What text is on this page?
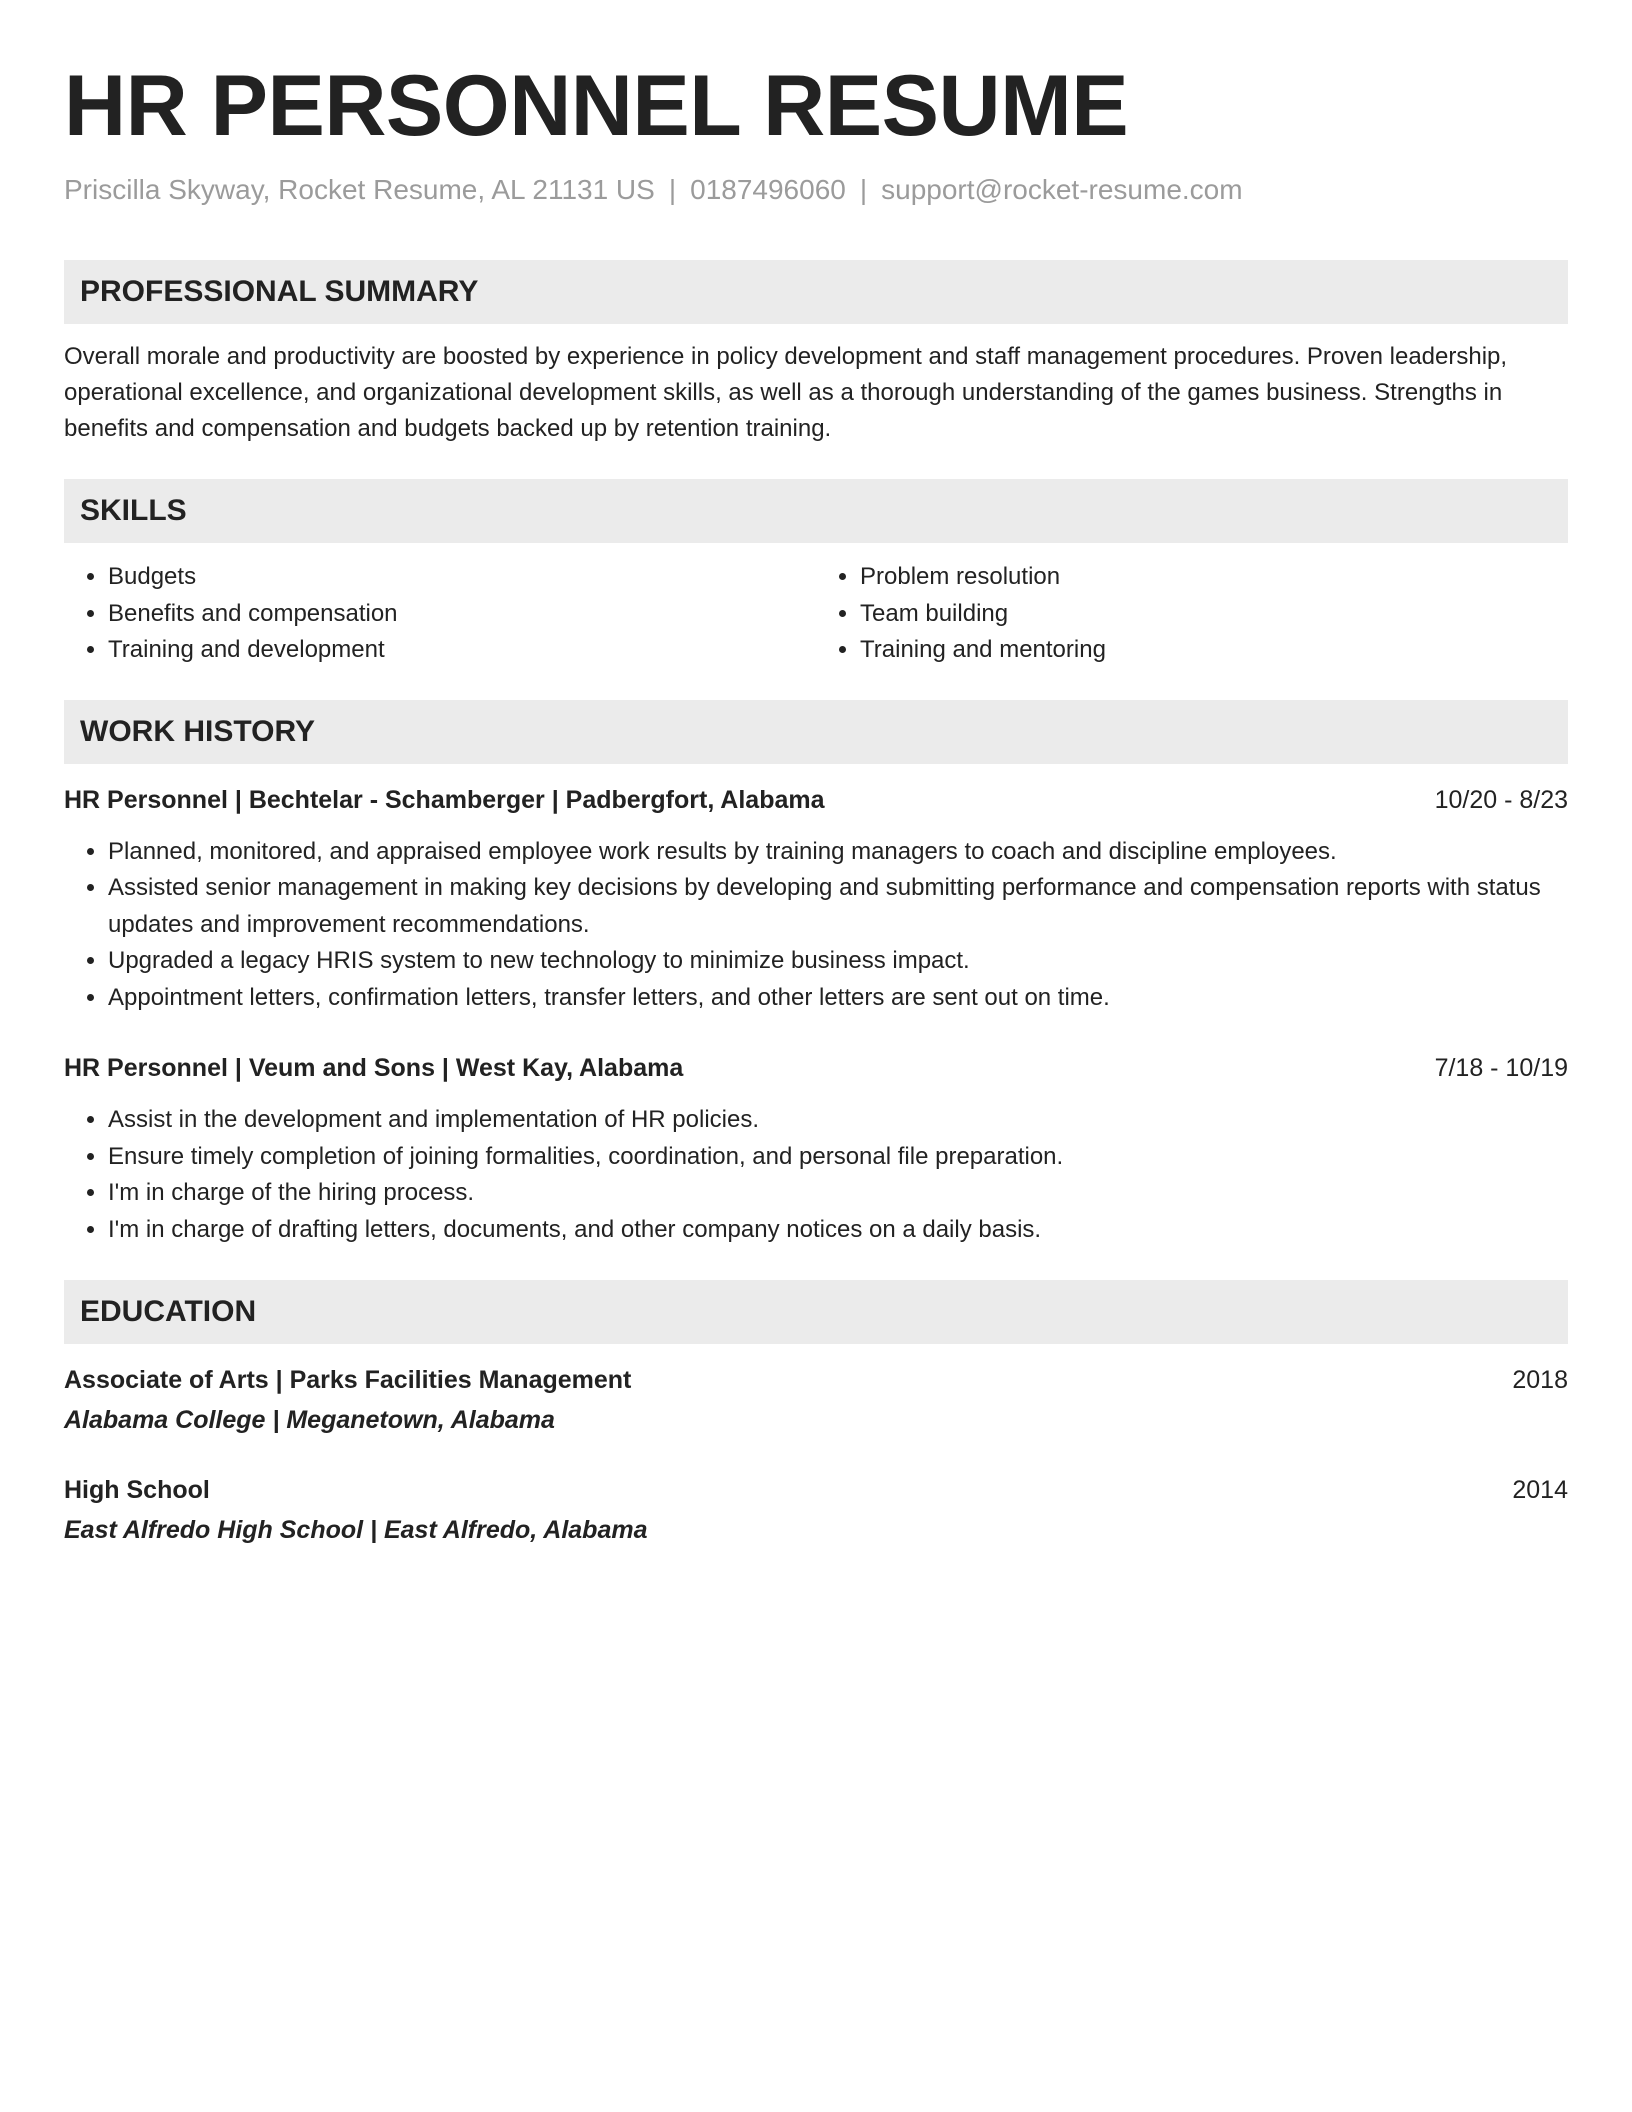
HR PERSONNEL RESUME
Priscilla Skyway, Rocket Resume, AL 21131 US | 0187496060 | support@rocket-resume.com
PROFESSIONAL SUMMARY

Overall morale and productivity are boosted by experience in policy development and staff management procedures. Proven leadership, operational excellence, and organizational development skills, as well as a thorough understanding of the games business. Strengths in benefits and compensation and budgets backed up by retention training.

SKILLS
• Budgets
• Benefits and compensation
• Training and development
• Problem resolution
• Team building
• Training and mentoring
WORK HISTORY
HR Personnel | Bechtelar - Schamberger | Padbergfort, Alabama	10/20 - 8/23
• Planned, monitored, and appraised employee work results by training managers to coach and discipline employees.
• Assisted senior management in making key decisions by developing and submitting performance and compensation reports with status updates and improvement recommendations.
• Upgraded a legacy HRIS system to new technology to minimize business impact.
• Appointment letters, confirmation letters, transfer letters, and other letters are sent out on time.
HR Personnel | Veum and Sons | West Kay, Alabama	7/18 - 10/19
• Assist in the development and implementation of HR policies.
• Ensure timely completion of joining formalities, coordination, and personal file preparation.
• I'm in charge of the hiring process.
• I'm in charge of drafting letters, documents, and other company notices on a daily basis.
EDUCATION
Associate of Arts | Parks Facilities Management	2018
Alabama College | Meganetown, Alabama
High School	2014
East Alfredo High School | East Alfredo, Alabama
